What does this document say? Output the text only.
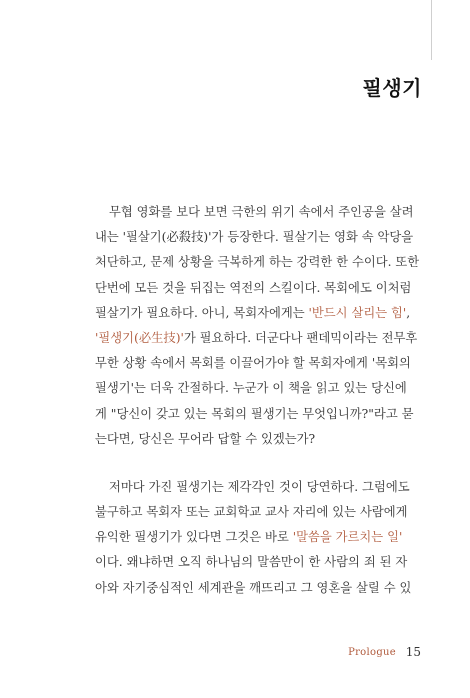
필생기
무협 영화를 보다 보면 극한의 위기 속에서 주인공을 살려
내는 '필살기(必殺技)'가 등장한다. 필살기는 영화 속 악당을
처단하고, 문제 상황을 극복하게 하는 강력한 한 수이다. 또한
단번에 모든 것을 뒤집는 역전의 스킬이다. 목회에도 이처럼
필살기가 필요하다. 아니, 목회자에게는 '반드시 살리는 힘',
'필생기(必生技)'가 필요하다. 더군다나 팬데믹이라는 전무후
무한 상황 속에서 목회를 이끌어가야 할 목회자에게 '목회의
필생기'는 더욱 간절하다. 누군가 이 책을 읽고 있는 당신에
게 "당신이 갖고 있는 목회의 필생기는 무엇입니까?"라고 묻
는다면, 당신은 무어라 답할 수 있겠는가?
저마다 가진 필생기는 제각각인 것이 당연하다. 그럼에도
불구하고 목회자 또는 교회학교 교사 자리에 있는 사람에게
유익한 필생기가 있다면 그것은 바로 '말씀을 가르치는 일'
이다. 왜냐하면 오직 하나님의 말씀만이 한 사람의 죄 된 자
아와 자기중심적인 세계관을 깨뜨리고 그 영혼을 살릴 수 있
Prologue 15
